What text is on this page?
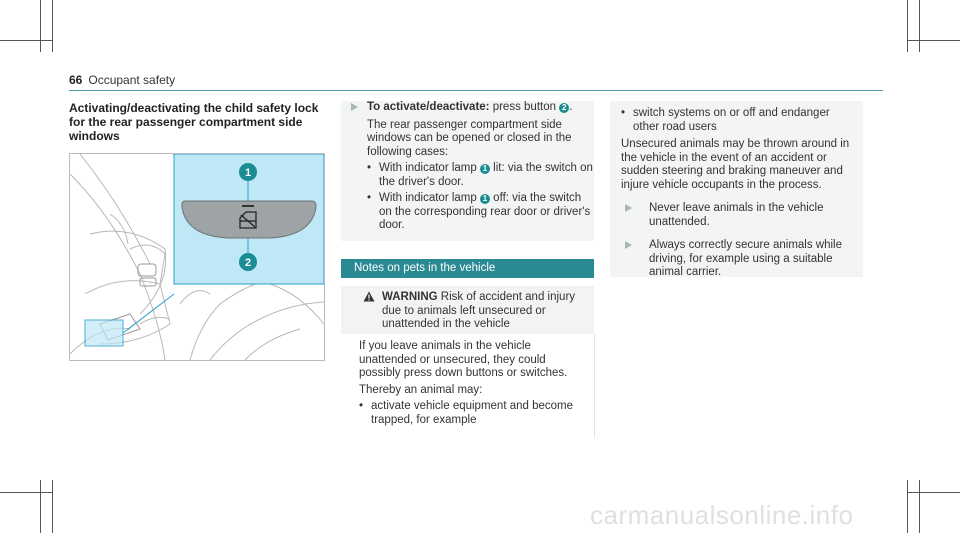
66 Occupant safety
Activating/deactivating the child safety lock for the rear passenger compartment side windows
1
2

To activate/deactivate: press button 2 .

The rear passenger compartment side windows can be opened or closed in the following cases:

• With indicator lamp 1 lit: via the switch on the driver's door.
• With indicator lamp 1 off: via the switch on the corresponding rear door or driver's door.
Notes on pets in the vehicle
WARNING Risk of accident and injury due to animals left unsecured or unattended in the vehicle

If you leave animals in the vehicle unattended or unsecured, they could possibly press down buttons or switches.

Thereby an animal may:

• activate vehicle equipment and become trapped, for example
• switch systems on or off and endanger other road users

Unsecured animals may be thrown around in the vehicle in the event of an accident or sudden steering and braking maneuver and injure vehicle occupants in the process.

Never leave animals in the vehicle unattended.
Always correctly secure animals while driving, for example using a suitable animal carrier.
carmanualsonline.info
